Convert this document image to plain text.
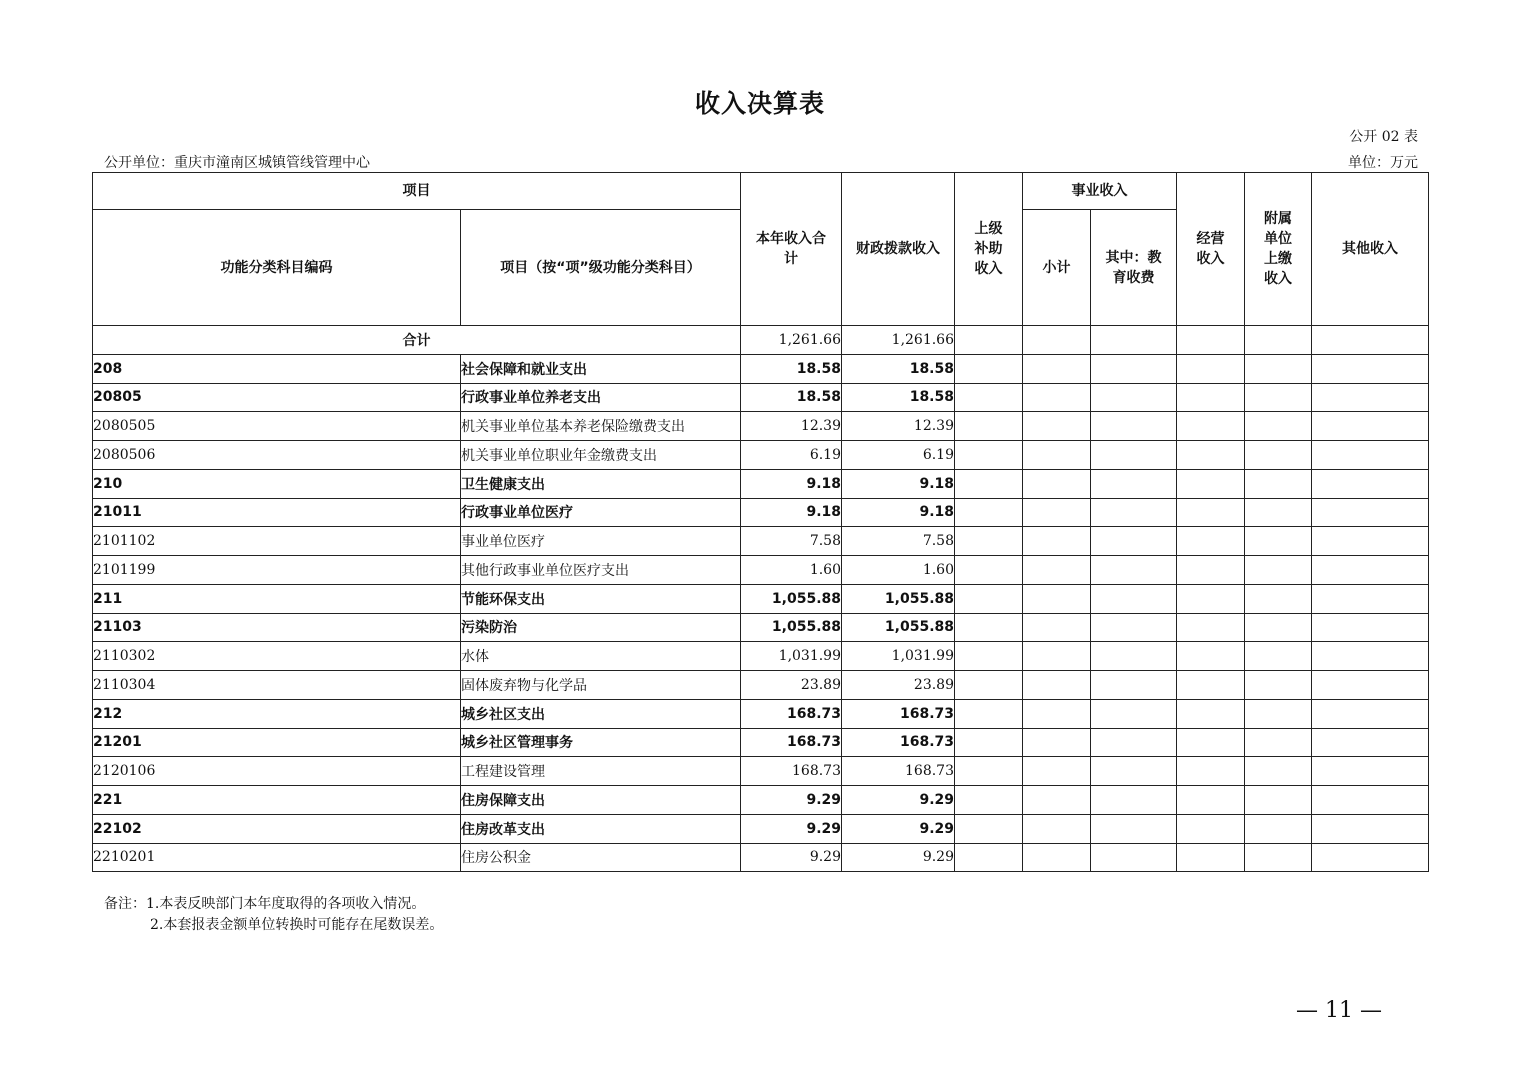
收入决算表
公开 02 表
公开单位：重庆市潼南区城镇管线管理中心	单位：万元
项目		本年收入合计	财政拨款收入	上级补助收入	事业收入		经营收入	附属单位上缴收入	其他收入
功能分类科目编码	项目（按“项”级功能分类科目）				小计	其中：教育收费			
合计		1,261.66	1,261.66						
208	社会保障和就业支出	18.58	18.58						
20805	行政事业单位养老支出	18.58	18.58						
2080505	机关事业单位基本养老保险缴费支出	12.39	12.39						
2080506	机关事业单位职业年金缴费支出	6.19	6.19						
210	卫生健康支出	9.18	9.18						
21011	行政事业单位医疗	9.18	9.18						
2101102	事业单位医疗	7.58	7.58						
2101199	其他行政事业单位医疗支出	1.60	1.60						
211	节能环保支出	1,055.88	1,055.88						
21103	污染防治	1,055.88	1,055.88						
2110302	水体	1,031.99	1,031.99						
2110304	固体废弃物与化学品	23.89	23.89						
212	城乡社区支出	168.73	168.73						
21201	城乡社区管理事务	168.73	168.73						
2120106	工程建设管理	168.73	168.73						
221	住房保障支出	9.29	9.29						
22102	住房改革支出	9.29	9.29						
2210201	住房公积金	9.29	9.29						
备注：1.本表反映部门本年度取得的各项收入情况。
2.本套报表金额单位转换时可能存在尾数误差。
— 11 —
